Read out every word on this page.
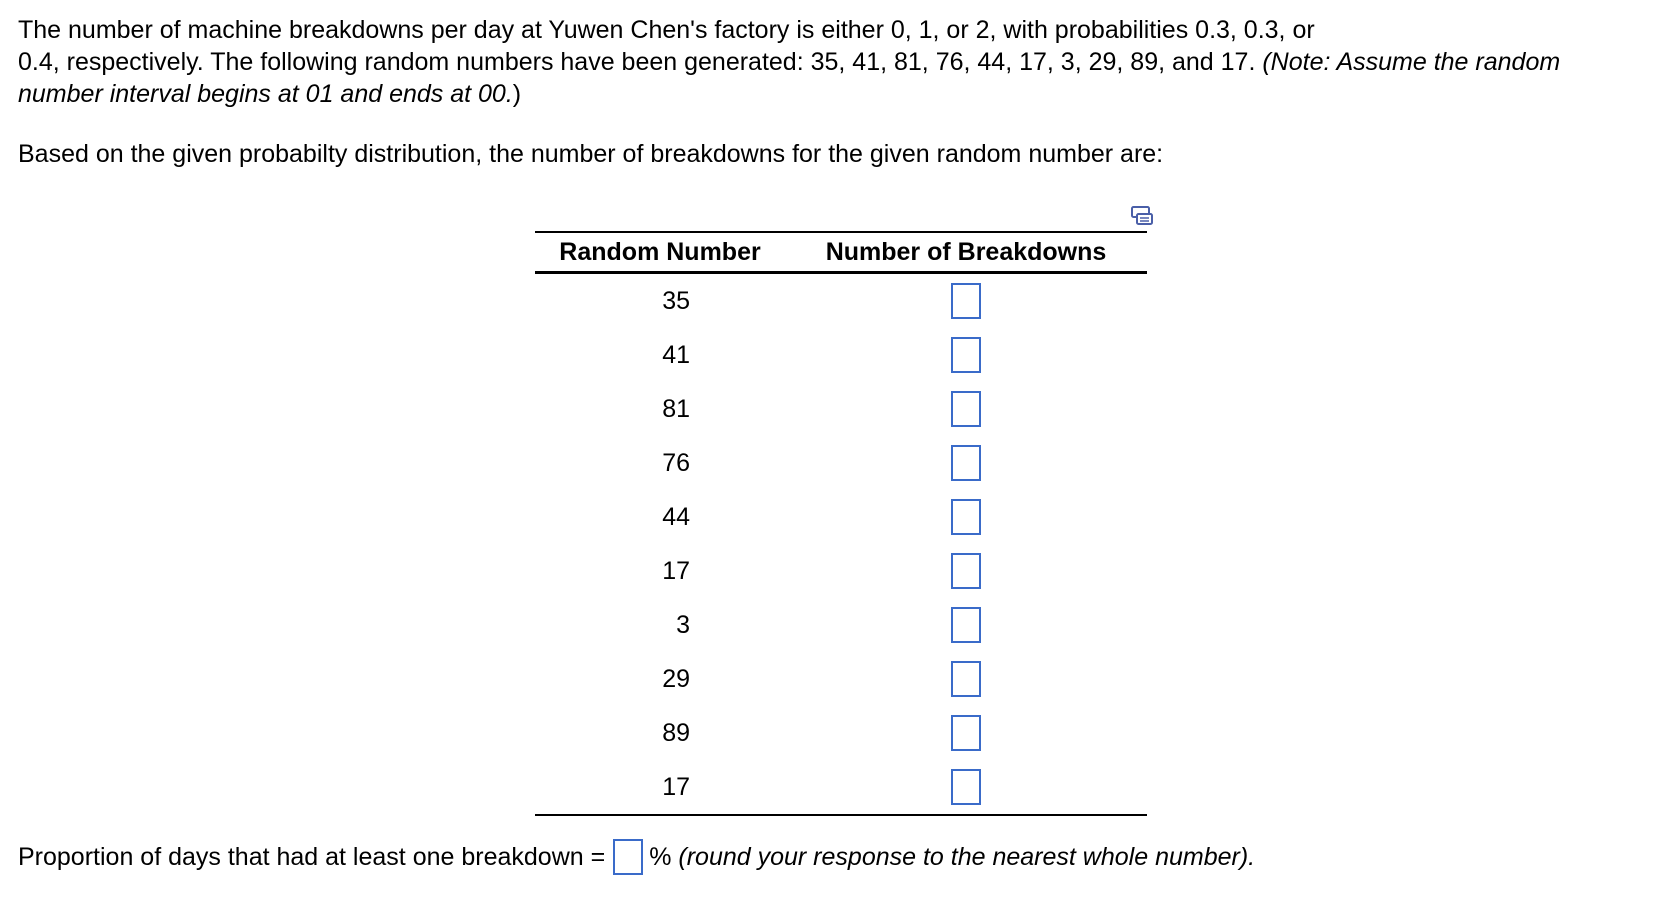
The number of machine breakdowns per day at Yuwen Chen's factory is either 0, 1, or 2, with probabilities 0.3, 0.3, or
0.4, respectively. The following random numbers have been generated: 35, 41, 81, 76, 44, 17, 3, 29, 89, and 17. (Note: Assume the random
number interval begins at 01 and ends at 00.)
Based on the given probabilty distribution, the number of breakdowns for the given random number are:
Random Number	Number of Breakdowns
35	
41	
81	
76	
44	
17	
3	
29	
89	
17	
Proportion of days that had at least one breakdown = %
(round your response to the nearest whole number).
